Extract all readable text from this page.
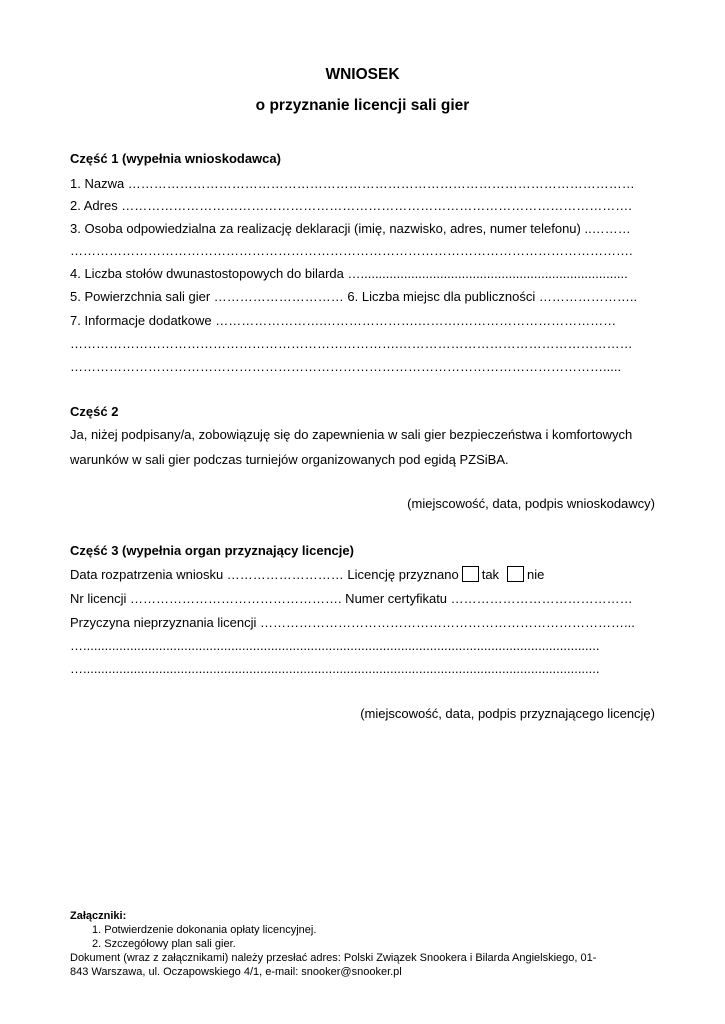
WNIOSEK
o przyznanie licencji sali gier
Część 1 (wypełnia wnioskodawca)
1. Nazwa ………………………………………………………………………………………………………
2. Adres ……………………………………………………………………………………………………….
3. Osoba odpowiedzialna za realizację deklaracji (imię, nazwisko, adres, numer telefonu) ..………
………………………………………………………………………………………………………………….
4. Liczba stołów dwunastostopowych do bilarda …..........................................................................
5. Powierzchnia sali gier ………………………… 6. Liczba miejsc dla publiczności …………………..
7. Informacje dodatkowe …………………….………………….……….………………………………
………………………………………………………………….………………………………………………
…………………………………………………………………………………………………………….....
Część 2
Ja, niżej podpisany/a, zobowiązuję się do zapewnienia w sali gier bezpieczeństwa i komfortowych
warunków w sali gier podczas turniejów organizowanych pod egidą PZSiBA.
(miejscowość, data, podpis wnioskodawcy)
Część 3 (wypełnia organ przyznający licencje)
Data rozpatrzenia wniosku ……………………… Licencję przyznano tak nie
Nr licencji …………………………………………. Numer certyfikatu ……………………………………
Przyczyna nieprzyznania licencji …………………………………………………………………………...
…...............................................................................................................................................
…...............................................................................................................................................
(miejscowość, data, podpis przyznającego licencję)
Załączniki:
1. Potwierdzenie dokonania opłaty licencyjnej.
2. Szczegółowy plan sali gier.
Dokument (wraz z załącznikami) należy przesłać adres: Polski Związek Snookera i Bilarda Angielskiego, 01-
843 Warszawa, ul. Oczapowskiego 4/1, e-mail: snooker@snooker.pl
